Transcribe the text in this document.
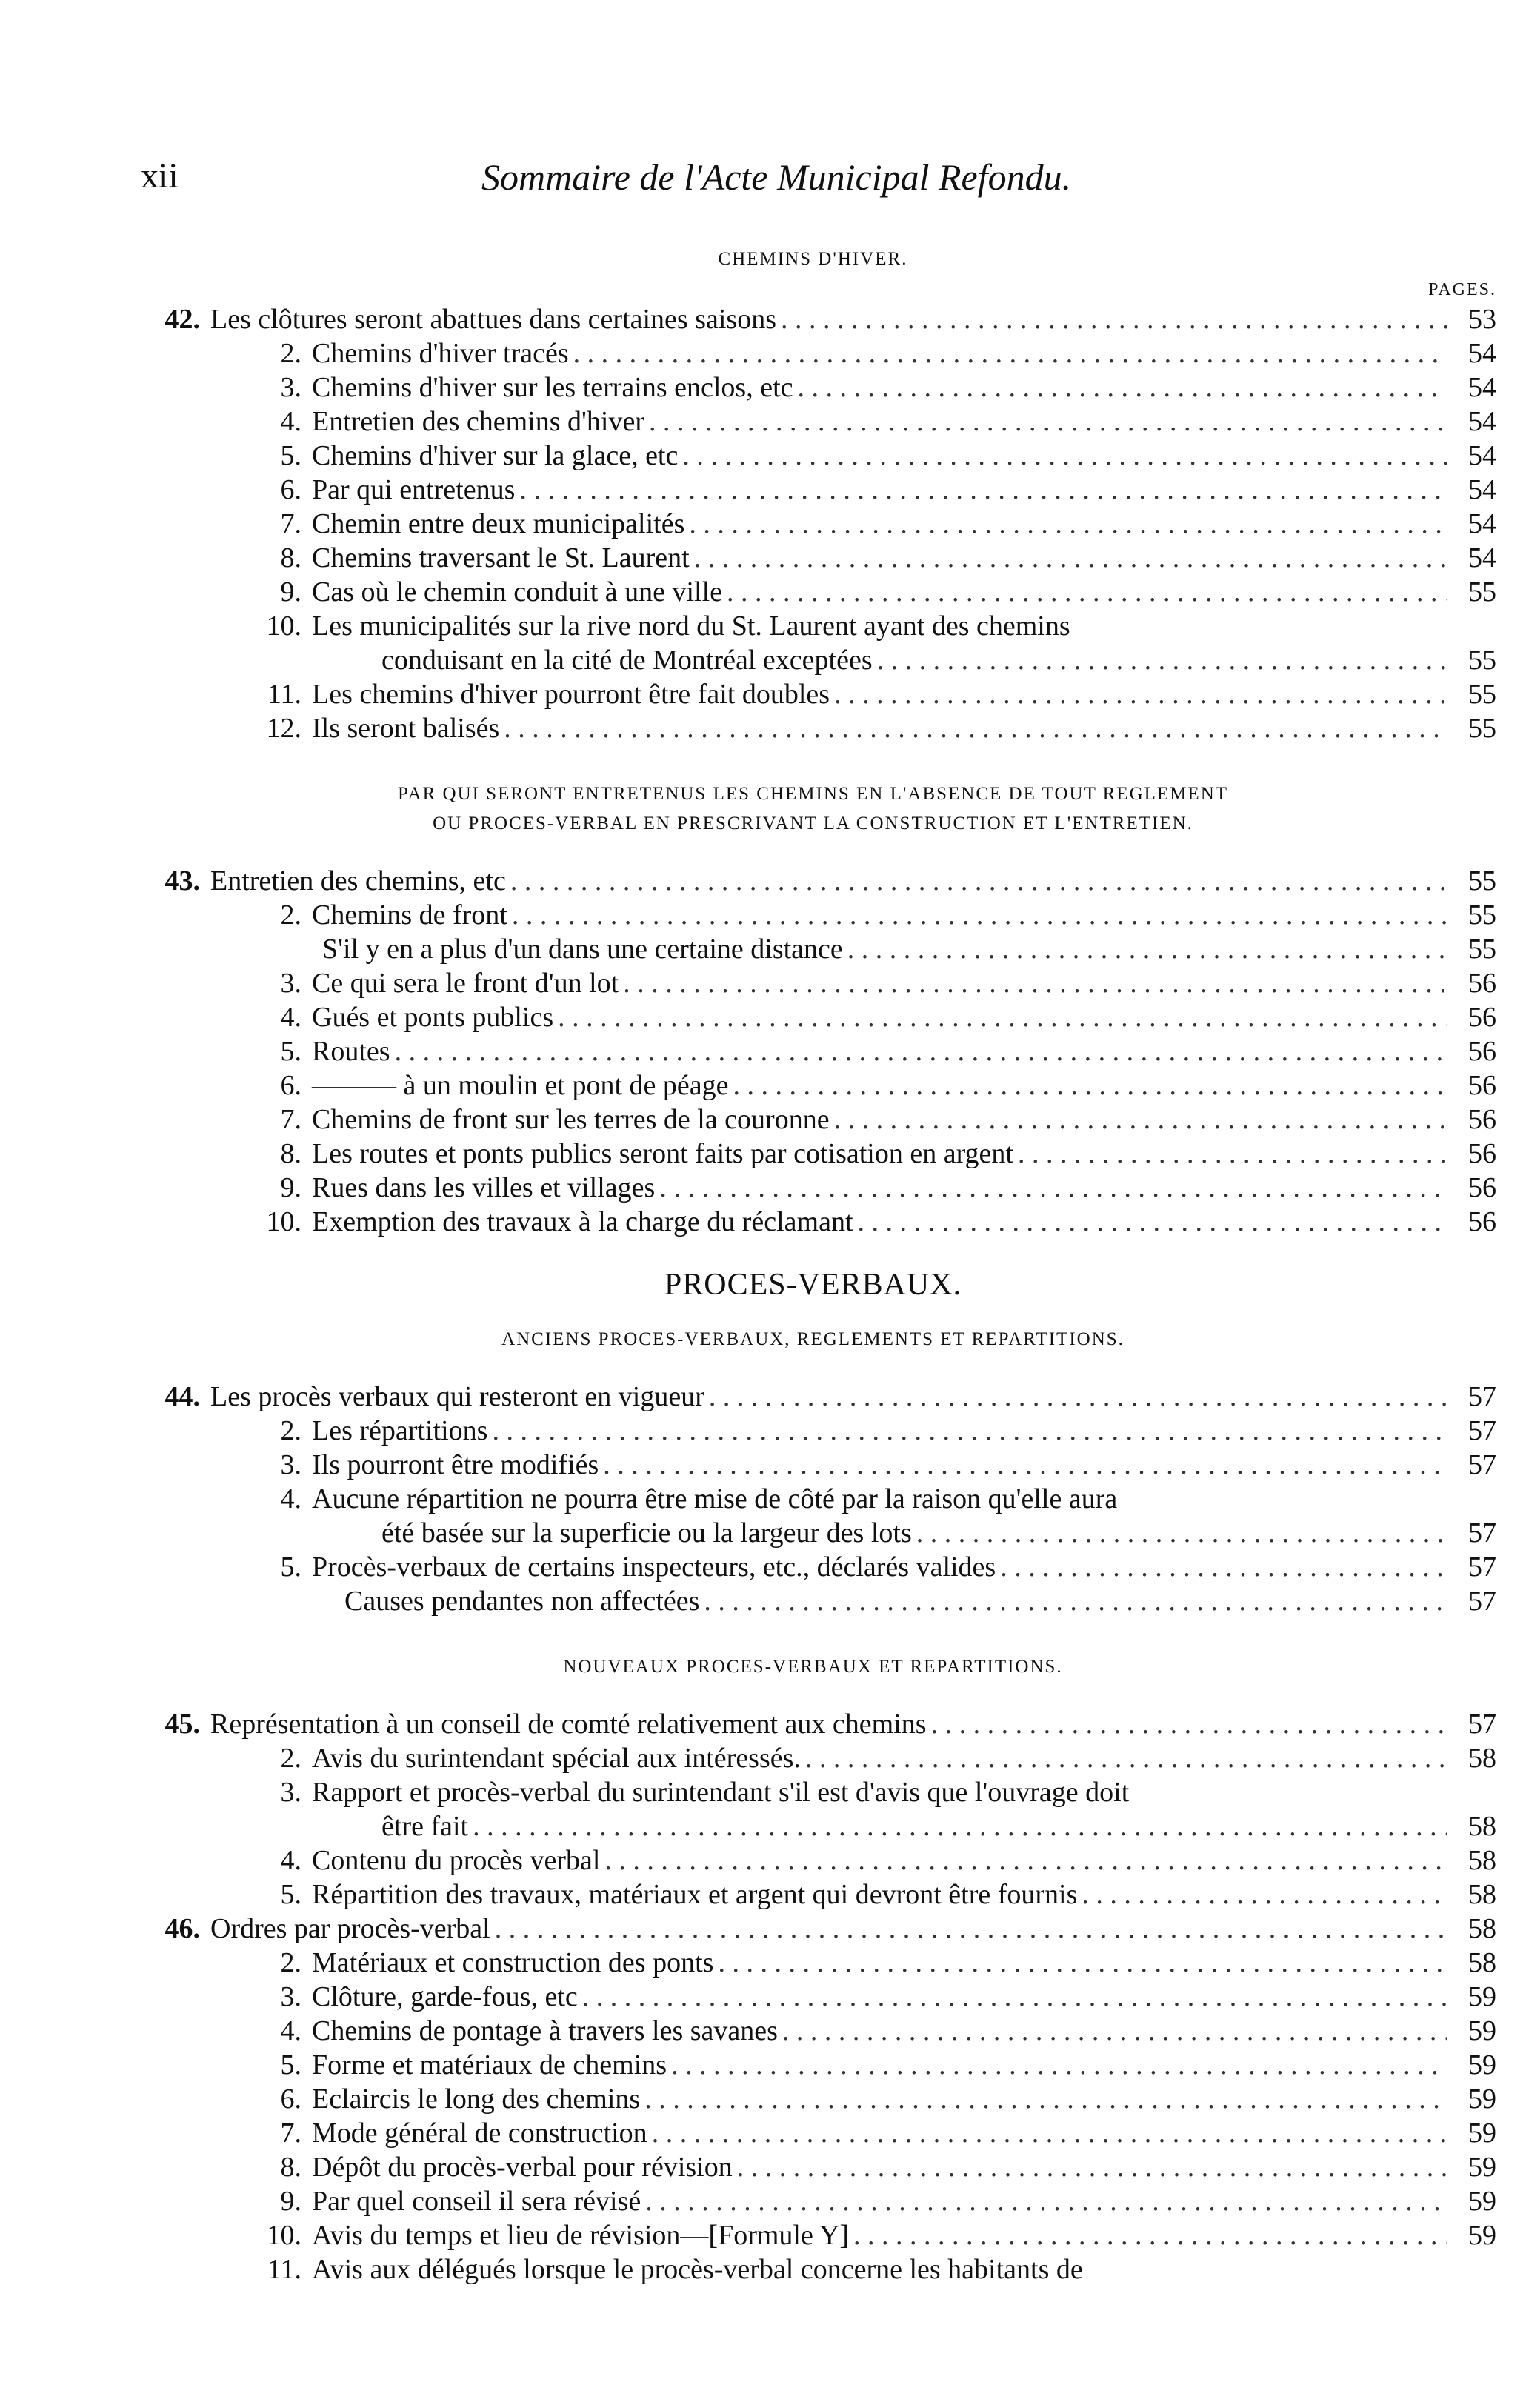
xii	Sommaire de l'Acte Municipal Refondu.

CHEMINS D'HIVER.

PAGES.
42. Les clôtures seront abattues dans certaines saisons . . .	53
2. Chemins d'hiver tracés . . .	54
3. Chemins d'hiver sur les terrains enclos, etc . . .	54
4. Entretien des chemins d'hiver . . .	54
5. Chemins d'hiver sur la glace, etc . . .	54
6. Par qui entretenus . . .	54
7. Chemin entre deux municipalités . . .	54
8. Chemins traversant le St. Laurent . . .	54
9. Cas où le chemin conduit à une ville . . .	55
10. Les municipalités sur la rive nord du St. Laurent ayant des chemins
conduisant en la cité de Montréal exceptées . . .	55
11. Les chemins d'hiver pourront être fait doubles . . .	55
12. Ils seront balisés . . .	55

PAR QUI SERONT ENTRETENUS LES CHEMINS EN L'ABSENCE DE TOUT REGLEMENT

OU PROCES-VERBAL EN PRESCRIVANT LA CONSTRUCTION ET L'ENTRETIEN.

43. Entretien des chemins, etc . . .	55
2. Chemins de front . . .	55
S'il y en a plus d'un dans une certaine distance . . .	55
3. Ce qui sera le front d'un lot . . .	56
4. Gués et ponts publics . . .	56
5. Routes . . .	56
6. ——— à un moulin et pont de péage . . .	56
7. Chemins de front sur les terres de la couronne . . .	56
8. Les routes et ponts publics seront faits par cotisation en argent . . .	56
9. Rues dans les villes et villages . . .	56
10. Exemption des travaux à la charge du réclamant . . .	56

PROCES-VERBAUX.

ANCIENS PROCES-VERBAUX, REGLEMENTS ET REPARTITIONS.

44. Les procès verbaux qui resteront en vigueur . . .	57
2. Les répartitions . . .	57
3. Ils pourront être modifiés . . .	57
4. Aucune répartition ne pourra être mise de côté par la raison qu'elle aura
été basée sur la superficie ou la largeur des lots . . .	57
5. Procès-verbaux de certains inspecteurs, etc., déclarés valides . . .	57
Causes pendantes non affectées . . .	57

NOUVEAUX PROCES-VERBAUX ET REPARTITIONS.

45. Représentation à un conseil de comté relativement aux chemins . . .	57
2. Avis du surintendant spécial aux intéressés. . . .	58
3. Rapport et procès-verbal du surintendant s'il est d'avis que l'ouvrage doit
être fait . . .	58
4. Contenu du procès verbal . . .	58
5. Répartition des travaux, matériaux et argent qui devront être fournis . . .	58
46. Ordres par procès-verbal . . .	58
2. Matériaux et construction des ponts . . .	58
3. Clôture, garde-fous, etc . . .	59
4. Chemins de pontage à travers les savanes . . .	59
5. Forme et matériaux de chemins . . .	59
6. Eclaircis le long des chemins . . .	59
7. Mode général de construction . . .	59
8. Dépôt du procès-verbal pour révision . . .	59
9. Par quel conseil il sera révisé . . .	59
10. Avis du temps et lieu de révision—[Formule Y] . . .	59
11. Avis aux délégués lorsque le procès-verbal concerne les habitants de
